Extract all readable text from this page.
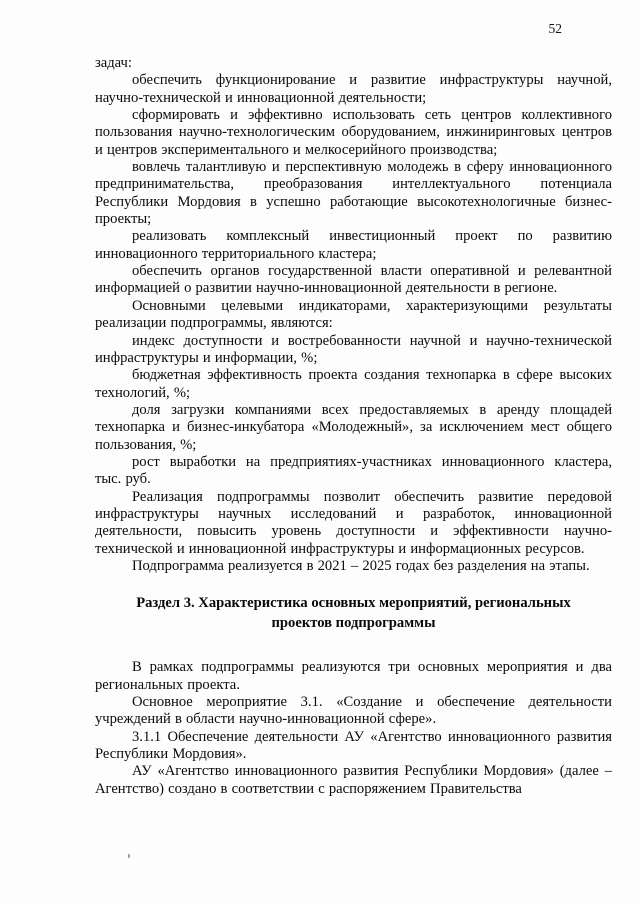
52

задач:

обеспечить функционирование и развитие инфраструктуры научной, научно-технической и инновационной деятельности;

сформировать и эффективно использовать сеть центров коллективного пользования научно-технологическим оборудованием, инжиниринговых центров и центров экспериментального и мелкосерийного производства;

вовлечь талантливую и перспективную молодежь в сферу инновационного предпринимательства, преобразования интеллектуального потенциала Республики Мордовия в успешно работающие высокотехнологичные бизнес-проекты;

реализовать комплексный инвестиционный проект по развитию инновационного территориального кластера;

обеспечить органов государственной власти оперативной и релевантной информацией о развитии научно-инновационной деятельности в регионе.

Основными целевыми индикаторами, характеризующими результаты реализации подпрограммы, являются:

индекс доступности и востребованности научной и научно-технической инфраструктуры и информации, %;

бюджетная эффективность проекта создания технопарка в сфере высоких технологий, %;

доля загрузки компаниями всех предоставляемых в аренду площадей технопарка и бизнес-инкубатора «Молодежный», за исключением мест общего пользования, %;

рост выработки на предприятиях-участниках инновационного кластера, тыс. руб.

Реализация подпрограммы позволит обеспечить развитие передовой инфраструктуры научных исследований и разработок, инновационной деятельности, повысить уровень доступности и эффективности научно-технической и инновационной инфраструктуры и информационных ресурсов.

Подпрограмма реализуется в 2021 – 2025 годах без разделения на этапы.

Раздел 3. Характеристика основных мероприятий, региональных проектов подпрограммы

В рамках подпрограммы реализуются три основных мероприятия и два региональных проекта.

Основное мероприятие 3.1. «Создание и обеспечение деятельности учреждений в области научно-инновационной сфере».

3.1.1 Обеспечение деятельности АУ «Агентство инновационного развития Республики Мордовия».

АУ «Агентство инновационного развития Республики Мордовия» (далее – Агентство) создано в соответствии с распоряжением Правительства
